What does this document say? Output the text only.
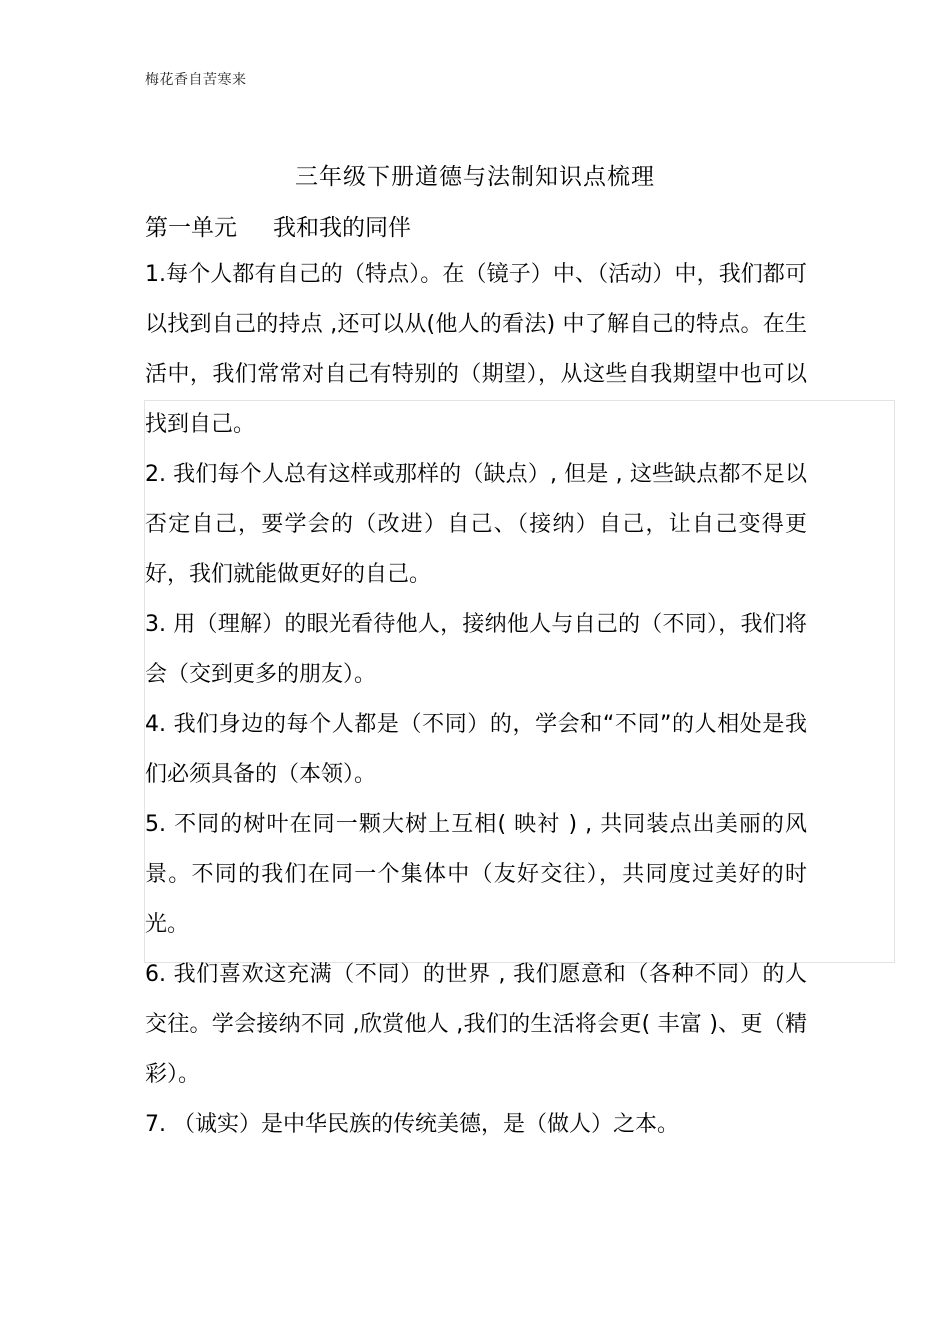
梅花香自苦寒来
三年级下册道德与法制知识点梳理
第一单元 我和我的同伴

1.每个人都有自己的（特点）。在（镜子）中、（活动）中，我们都可以找到自己的持点 ,还可以从(他人的看法) 中了解自己的特点。在生活中，我们常常对自己有特别的（期望），从这些自我期望中也可以找到自己。

2. 我们每个人总有这样或那样的（缺点）, 但是 , 这些缺点都不足以否定自己，要学会的（改进）自己、（接纳）自己，让自己变得更好，我们就能做更好的自己。

3. 用（理解）的眼光看待他人，接纳他人与自己的（不同），我们将会（交到更多的朋友）。

4. 我们身边的每个人都是（不同）的，学会和“不同”的人相处是我们必须具备的（本领）。

5. 不同的树叶在同一颗大树上互相( 映衬 ) , 共同装点出美丽的风景。不同的我们在同一个集体中（友好交往），共同度过美好的时光。

6. 我们喜欢这充满（不同）的世界 , 我们愿意和（各种不同）的人交往。学会接纳不同 ,欣赏他人 ,我们的生活将会更( 丰富 )、更（精彩）。

7. （诚实）是中华民族的传统美德，是（做人）之本。
